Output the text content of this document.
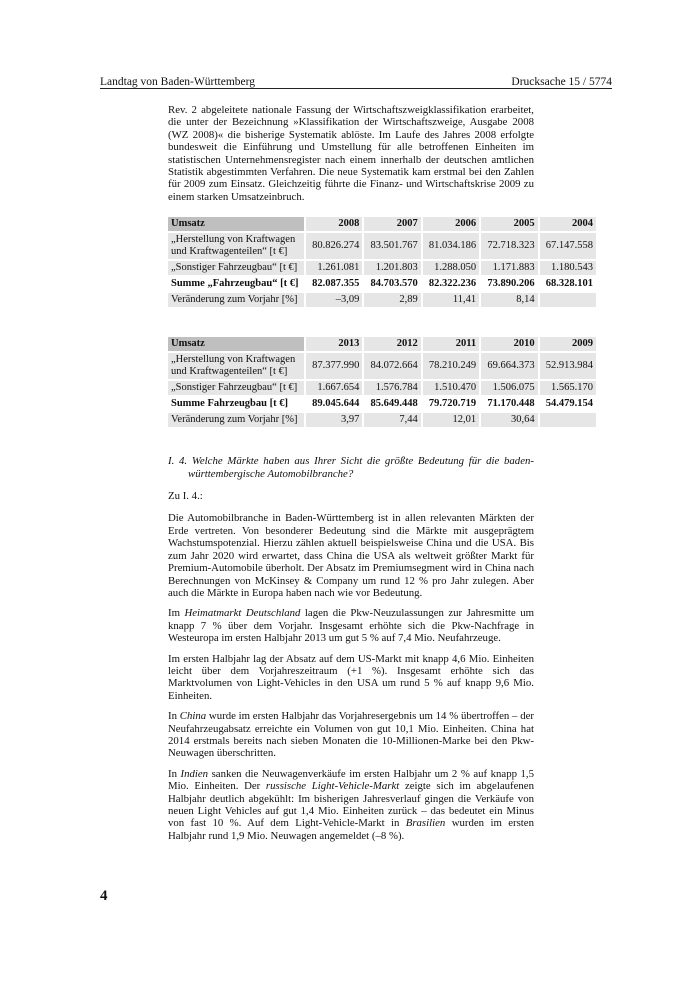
Landtag von Baden-Württemberg	Drucksache 15 / 5774

Rev. 2 abgeleitete nationale Fassung der Wirtschaftszweigklassifikation erarbeitet, die unter der Bezeichnung »Klassifikation der Wirtschaftszweige, Ausgabe 2008 (WZ 2008)« die bisherige Systematik ablöste. Im Laufe des Jahres 2008 erfolgte bundesweit die Einführung und Umstellung für alle betroffenen Einheiten im statistischen Unternehmensregister nach einem innerhalb der deutschen amtlichen Statistik abgestimmten Verfahren. Die neue Systematik kam erstmal bei den Zahlen für 2009 zum Einsatz. Gleichzeitig führte die Finanz- und Wirtschaftskrise 2009 zu einem starken Umsatzeinbruch.

Umsatz	2008	2007	2006	2005	2004
„Herstellung von Kraftwagen und Kraftwagenteilen“ [t €]	80.826.274	83.501.767	81.034.186	72.718.323	67.147.558
„Sonstiger Fahrzeugbau“ [t €]	1.261.081	1.201.803	1.288.050	1.171.883	1.180.543
Summe „Fahrzeugbau“ [t €]	82.087.355	84.703.570	82.322.236	73.890.206	68.328.101
Veränderung zum Vorjahr [%]	–3,09	2,89	11,41	8,14	
Umsatz	2013	2012	2011	2010	2009
„Herstellung von Kraftwagen und Kraftwagenteilen“ [t €]	87.377.990	84.072.664	78.210.249	69.664.373	52.913.984
„Sonstiger Fahrzeugbau“ [t €]	1.667.654	1.576.784	1.510.470	1.506.075	1.565.170
Summe Fahrzeugbau [t €]	89.045.644	85.649.448	79.720.719	71.170.448	54.479.154
Veränderung zum Vorjahr [%]	3,97	7,44	12,01	30,64	

I. 4. Welche Märkte haben aus Ihrer Sicht die größte Bedeutung für die baden-württembergische Automobilbranche?

Zu I. 4.:

Die Automobilbranche in Baden-Württemberg ist in allen relevanten Märkten der Erde vertreten. Von besonderer Bedeutung sind die Märkte mit ausgeprägtem Wachstumspotenzial. Hierzu zählen aktuell beispielsweise China und die USA. Bis zum Jahr 2020 wird erwartet, dass China die USA als weltweit größter Markt für Premium-Automobile überholt. Der Absatz im Premiumsegment wird in China nach Berechnungen von McKinsey & Company um rund 12 % pro Jahr zulegen. Aber auch die Märkte in Europa haben nach wie vor Bedeutung.

Im Heimatmarkt Deutschland lagen die Pkw-Neuzulassungen zur Jahresmitte um knapp 7 % über dem Vorjahr. Insgesamt erhöhte sich die Pkw-Nachfrage in Westeuropa im ersten Halbjahr 2013 um gut 5 % auf 7,4 Mio. Neufahrzeuge.

Im ersten Halbjahr lag der Absatz auf dem US-Markt mit knapp 4,6 Mio. Einheiten leicht über dem Vorjahreszeitraum (+1 %). Insgesamt erhöhte sich das Marktvolumen von Light-Vehicles in den USA um rund 5 % auf knapp 9,6 Mio. Einheiten.

In China wurde im ersten Halbjahr das Vorjahresergebnis um 14 % übertroffen – der Neufahrzeugabsatz erreichte ein Volumen von gut 10,1 Mio. Einheiten. China hat 2014 erstmals bereits nach sieben Monaten die 10-Millionen-Marke bei den Pkw-Neuwagen überschritten.

In Indien sanken die Neuwagenverkäufe im ersten Halbjahr um 2 % auf knapp 1,5 Mio. Einheiten. Der russische Light-Vehicle-Markt zeigte sich im abgelaufenen Halbjahr deutlich abgekühlt: Im bisherigen Jahresverlauf gingen die Verkäufe von neuen Light Vehicles auf gut 1,4 Mio. Einheiten zurück – das bedeutet ein Minus von fast 10 %. Auf dem Light-Vehicle-Markt in Brasilien wurden im ersten Halbjahr rund 1,9 Mio. Neuwagen angemeldet (–8 %).

4
